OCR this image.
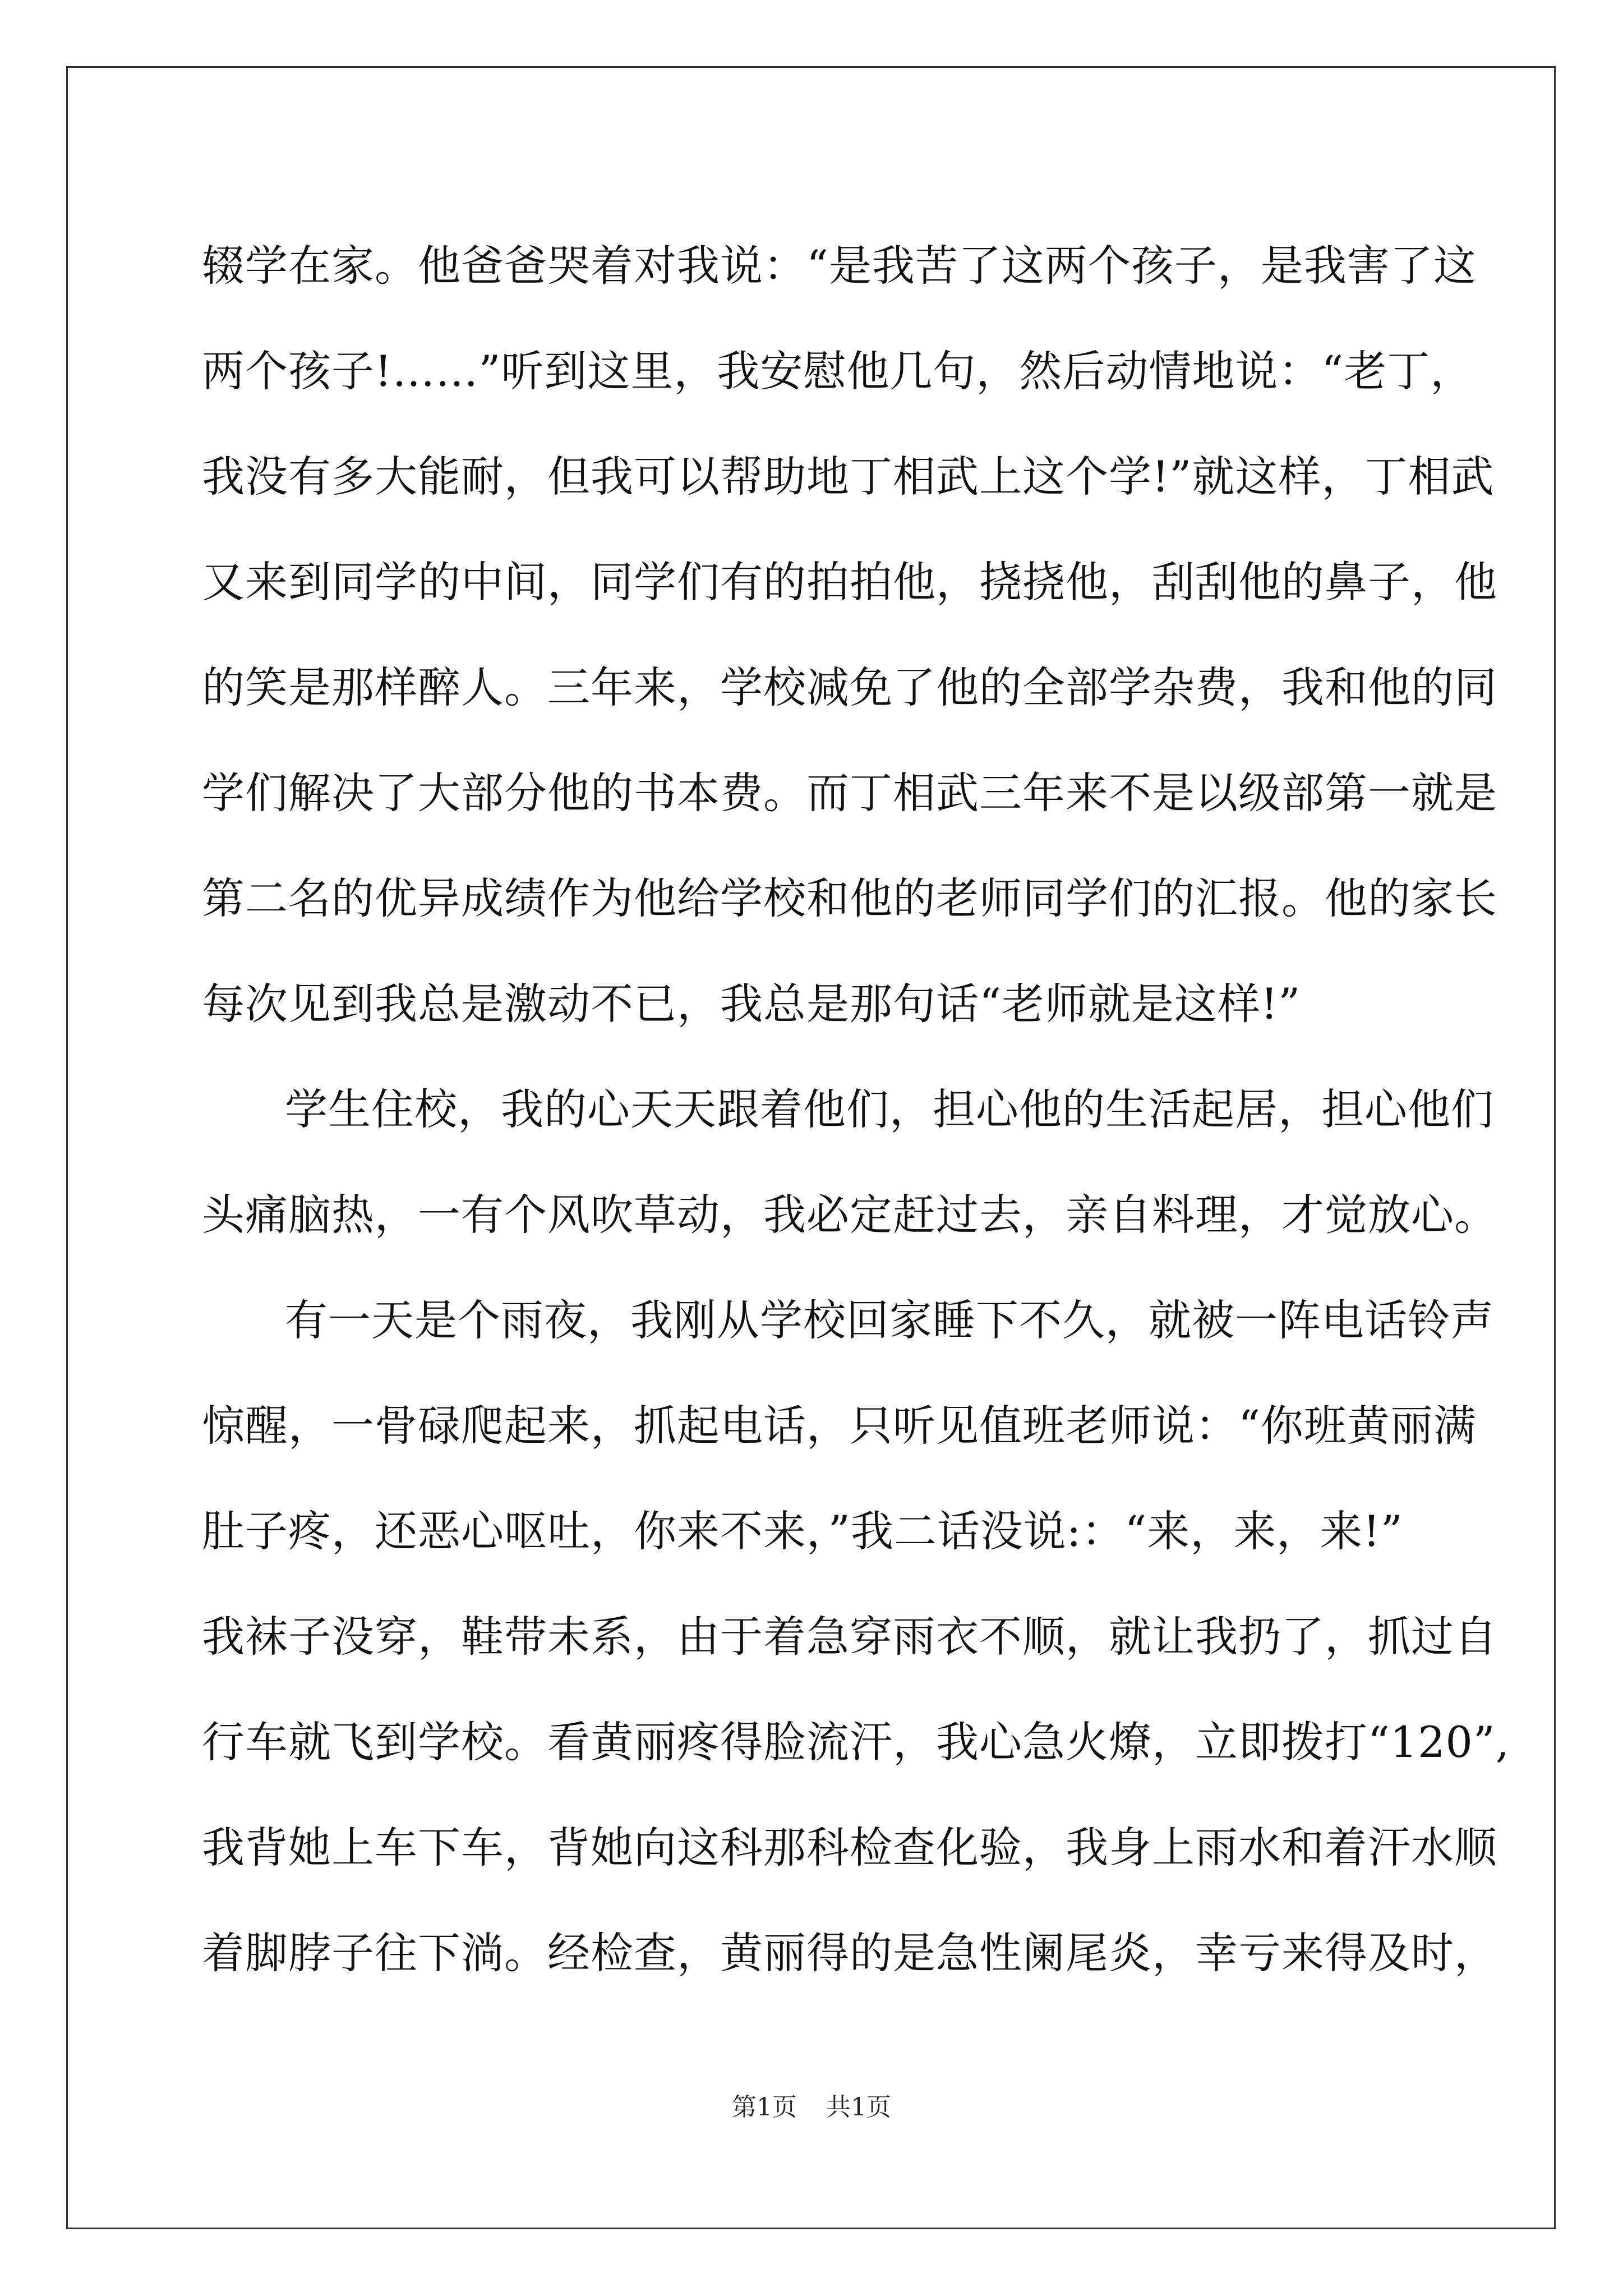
辍学在家。他爸爸哭着对我说：“是我苦了这两个孩子，是我害了这
两个孩子!……”听到这里，我安慰他几句，然后动情地说：“老丁，
我没有多大能耐，但我可以帮助地丁相武上这个学!”就这样，丁相武
又来到同学的中间，同学们有的拍拍他，挠挠他，刮刮他的鼻子，他
的笑是那样醉人。三年来，学校减免了他的全部学杂费，我和他的同
学们解决了大部分他的书本费。而丁相武三年来不是以级部第一就是
第二名的优异成绩作为他给学校和他的老师同学们的汇报。他的家长
每次见到我总是激动不已，我总是那句话“老师就是这样!”
学生住校，我的心天天跟着他们，担心他的生活起居，担心他们
头痛脑热，一有个风吹草动，我必定赶过去，亲自料理，才觉放心。
有一天是个雨夜，我刚从学校回家睡下不久，就被一阵电话铃声
惊醒，一骨碌爬起来，抓起电话，只听见值班老师说：“你班黄丽满
肚子疼，还恶心呕吐，你来不来，”我二话没说:：“来，来，来!”
我袜子没穿，鞋带未系，由于着急穿雨衣不顺，就让我扔了，抓过自
行车就飞到学校。看黄丽疼得脸流汗，我心急火燎，立即拨打“120”,
我背她上车下车，背她向这科那科检查化验，我身上雨水和着汗水顺
着脚脖子往下淌。经检查，黄丽得的是急性阑尾炎，幸亏来得及时，
第1页 共1页
